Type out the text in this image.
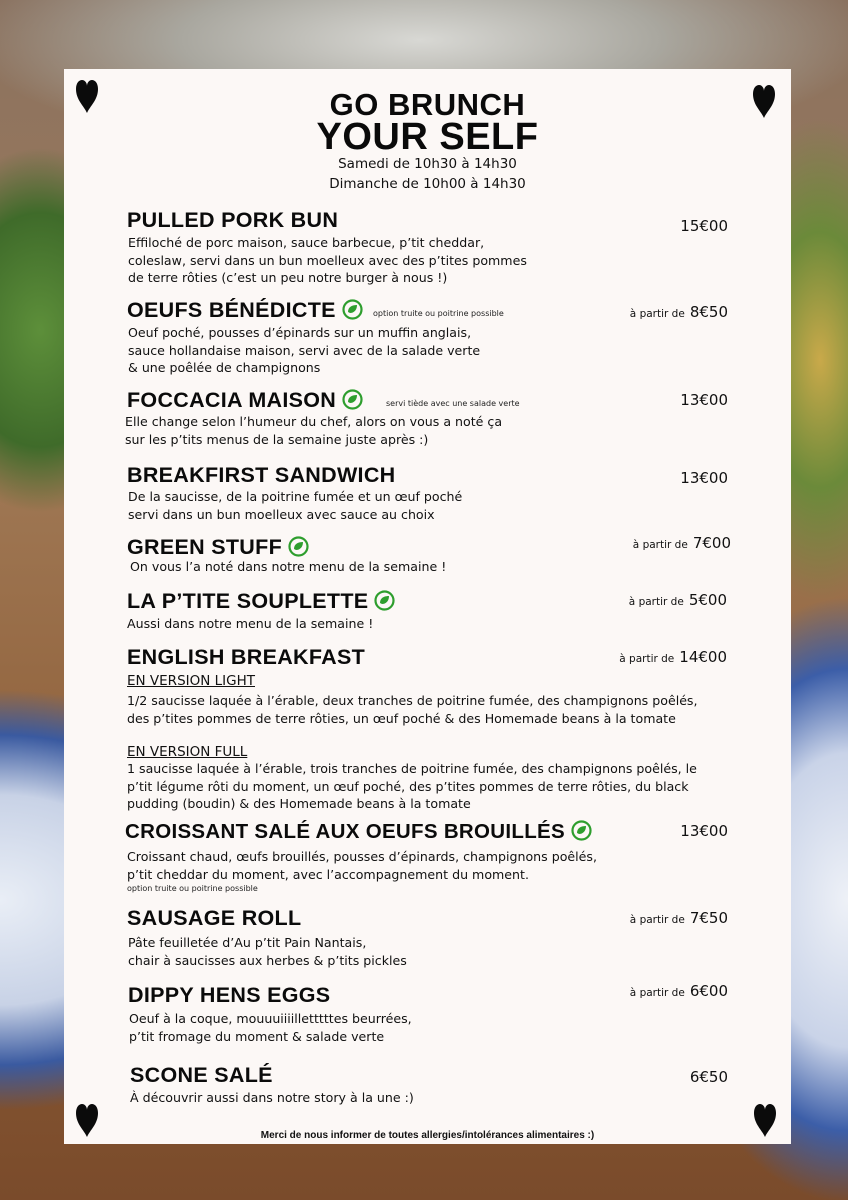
GO BRUNCH
YOUR SELF
Samedi de 10h30 à 14h30
Dimanche de 10h00 à 14h30
PULLED PORK BUN	15€00
Effiloché de porc maison, sauce barbecue, p’tit cheddar,
coleslaw, servi dans un bun moelleux avec des p’tites pommes
de terre rôties (c’est un peu notre burger à nous !)
OEUFS BÉNÉDICTE	option truite ou poitrine possible	à partir de 8€50
Oeuf poché, pousses d’épinards sur un muffin anglais,
sauce hollandaise maison, servi avec de la salade verte
& une poêlée de champignons
FOCCACIA MAISON	servi tiède avec une salade verte	13€00
Elle change selon l’humeur du chef, alors on vous a noté ça
sur les p’tits menus de la semaine juste après :)
BREAKFIRST SANDWICH	13€00
De la saucisse, de la poitrine fumée et un œuf poché
servi dans un bun moelleux avec sauce au choix
GREEN STUFF	à partir de 7€00
On vous l’a noté dans notre menu de la semaine !
LA P’TITE SOUPLETTE	à partir de 5€00
Aussi dans notre menu de la semaine !
ENGLISH BREAKFAST	à partir de 14€00
EN VERSION LIGHT
1/2 saucisse laquée à l’érable, deux tranches de poitrine fumée, des champignons poêlés,
des p’tites pommes de terre rôties, un œuf poché & des Homemade beans à la tomate
EN VERSION FULL
1 saucisse laquée à l’érable, trois tranches de poitrine fumée, des champignons poêlés, le
p’tit légume rôti du moment, un œuf poché, des p’tites pommes de terre rôties, du black
pudding (boudin) & des Homemade beans à la tomate
CROISSANT SALÉ AUX OEUFS BROUILLÉS	13€00
Croissant chaud, œufs brouillés, pousses d’épinards, champignons poêlés,
p’tit cheddar du moment, avec l’accompagnement du moment.
option truite ou poitrine possible
SAUSAGE ROLL	à partir de 7€50
Pâte feuilletée d’Au p’tit Pain Nantais,
chair à saucisses aux herbes & p’tits pickles
DIPPY HENS EGGS	à partir de 6€00
Oeuf à la coque, mouuuiiiilletttttes beurrées,
p’tit fromage du moment & salade verte
SCONE SALÉ	6€50
À découvrir aussi dans notre story à la une :)
Merci de nous informer de toutes allergies/intolérances alimentaires :)
